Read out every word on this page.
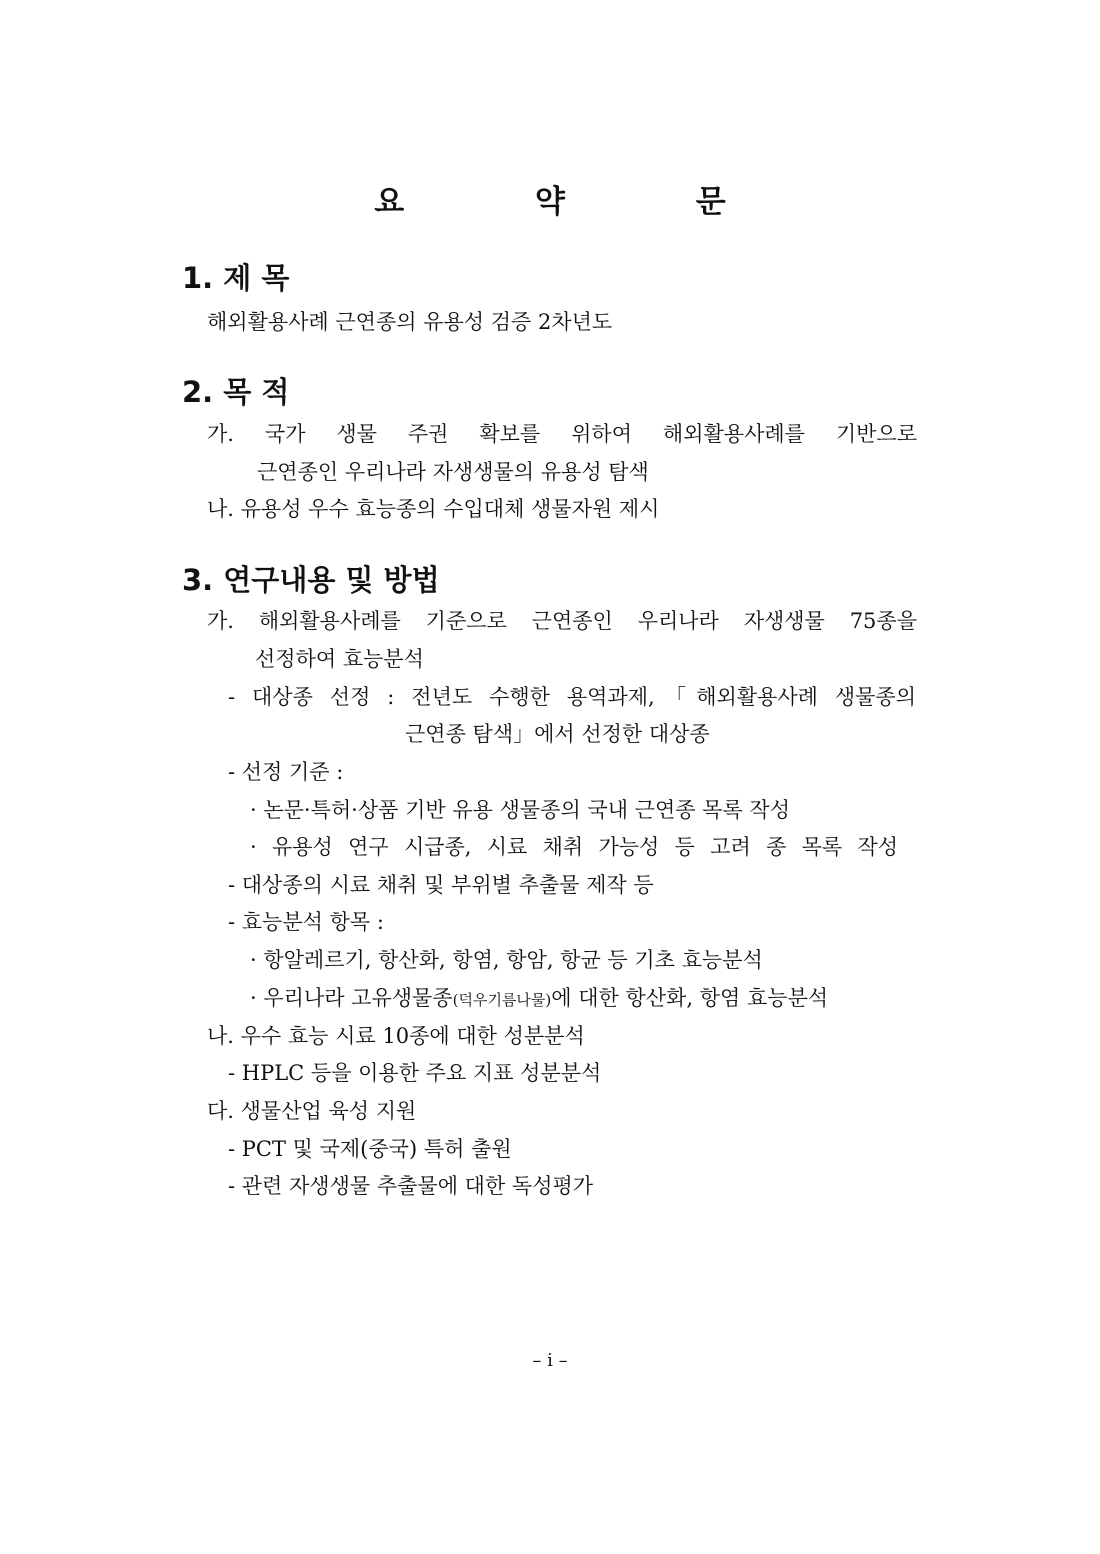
요 약 문
1. 제 목
해외활용사례 근연종의 유용성 검증 2차년도
2. 목 적
가. 국가 생물 주권 확보를 위하여 해외활용사례를 기반으로
근연종인 우리나라 자생생물의 유용성 탐색
나. 유용성 우수 효능종의 수입대체 생물자원 제시
3. 연구내용 및 방법
가. 해외활용사례를 기준으로 근연종인 우리나라 자생생물 75종을
선정하여 효능분석
- 대상종 선정 : 전년도 수행한 용역과제,「해외활용사례 생물종의
근연종 탐색」에서 선정한 대상종
- 선정 기준 :
· 논문·특허·상품 기반 유용 생물종의 국내 근연종 목록 작성
· 유용성 연구 시급종, 시료 채취 가능성 등 고려 종 목록 작성
- 대상종의 시료 채취 및 부위별 추출물 제작 등
- 효능분석 항목 :
· 항알레르기, 항산화, 항염, 항암, 항균 등 기초 효능분석
· 우리나라 고유생물종(덕우기름나물)에 대한 항산화, 항염 효능분석
나. 우수 효능 시료 10종에 대한 성분분석
- HPLC 등을 이용한 주요 지표 성분분석
다. 생물산업 육성 지원
- PCT 및 국제(중국) 특허 출원
- 관련 자생생물 추출물에 대한 독성평가
– i –
